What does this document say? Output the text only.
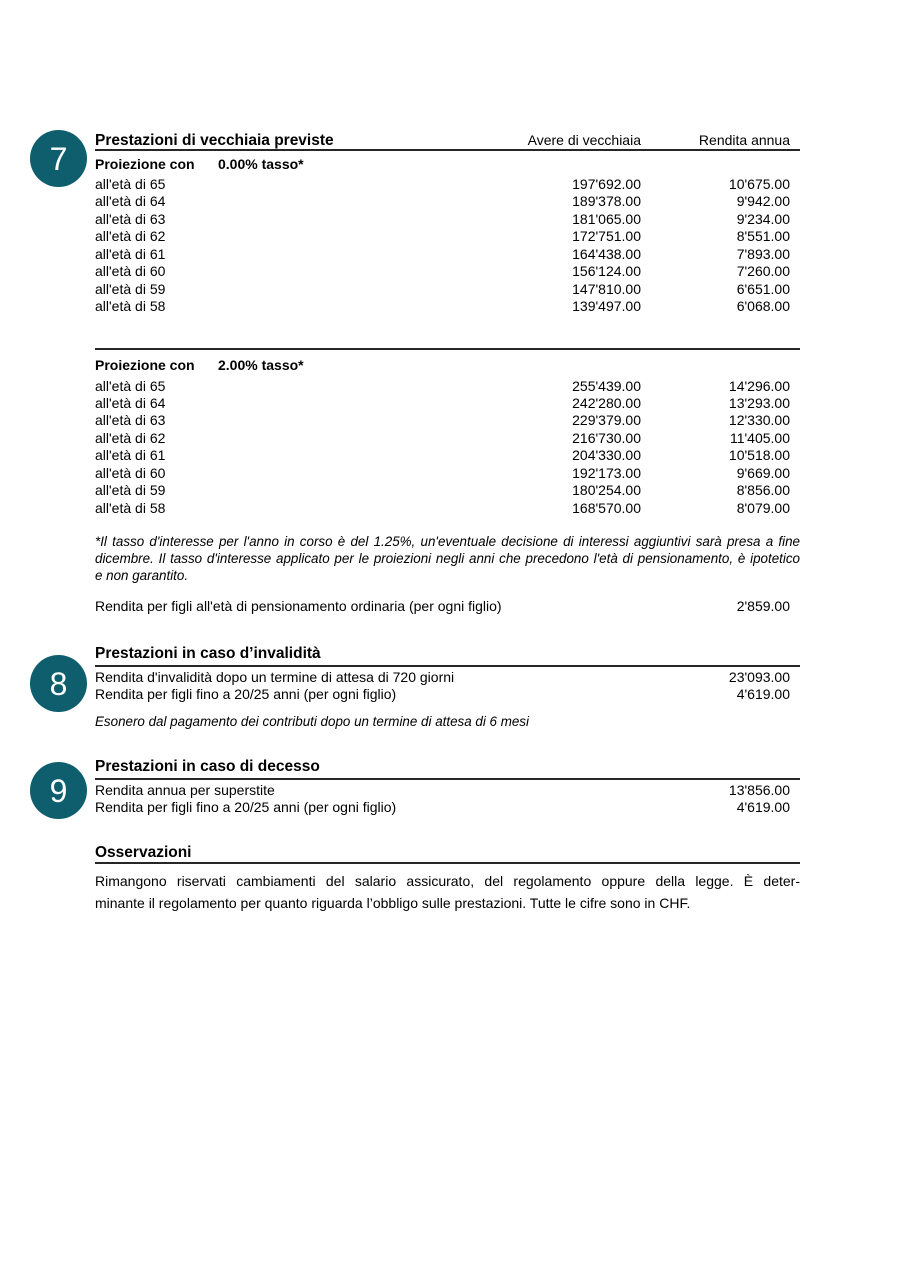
7 Prestazioni di vecchiaia previste	Avere di vecchiaia	Rendita annua
Proiezione con 0.00% tasso*
all'età di 65	197'692.00	10'675.00
all'età di 64	189'378.00	9'942.00
all'età di 63	181'065.00	9'234.00
all'età di 62	172'751.00	8'551.00
all'età di 61	164'438.00	7'893.00
all'età di 60	156'124.00	7'260.00
all'età di 59	147'810.00	6'651.00
all'età di 58	139'497.00	6'068.00
Proiezione con 2.00% tasso*
all'età di 65	255'439.00	14'296.00
all'età di 64	242'280.00	13'293.00
all'età di 63	229'379.00	12'330.00
all'età di 62	216'730.00	11'405.00
all'età di 61	204'330.00	10'518.00
all'età di 60	192'173.00	9'669.00
all'età di 59	180'254.00	8'856.00
all'età di 58	168'570.00	8'079.00
*Il tasso d'interesse per l'anno in corso è del 1.25%, un'eventuale decisione di interessi aggiuntivi sarà presa a fine
dicembre. Il tasso d'interesse applicato per le proiezioni negli anni che precedono l'età di pensionamento, è ipotetico
e non garantito.
Rendita per figli all'età di pensionamento ordinaria (per ogni figlio)	2'859.00
8
Prestazioni in caso d’invalidità
Rendita d'invalidità dopo un termine di attesa di 720 giorni	23'093.00
Rendita per figli fino a 20/25 anni (per ogni figlio)	4'619.00
Esonero dal pagamento dei contributi dopo un termine di attesa di 6 mesi
9
Prestazioni in caso di decesso
Rendita annua per superstite	13'856.00
Rendita per figli fino a 20/25 anni (per ogni figlio)	4'619.00
Osservazioni
Rimangono riservati cambiamenti del salario assicurato, del regolamento oppure della legge. È deter-
minante il regolamento per quanto riguarda l’obbligo sulle prestazioni. Tutte le cifre sono in CHF.
